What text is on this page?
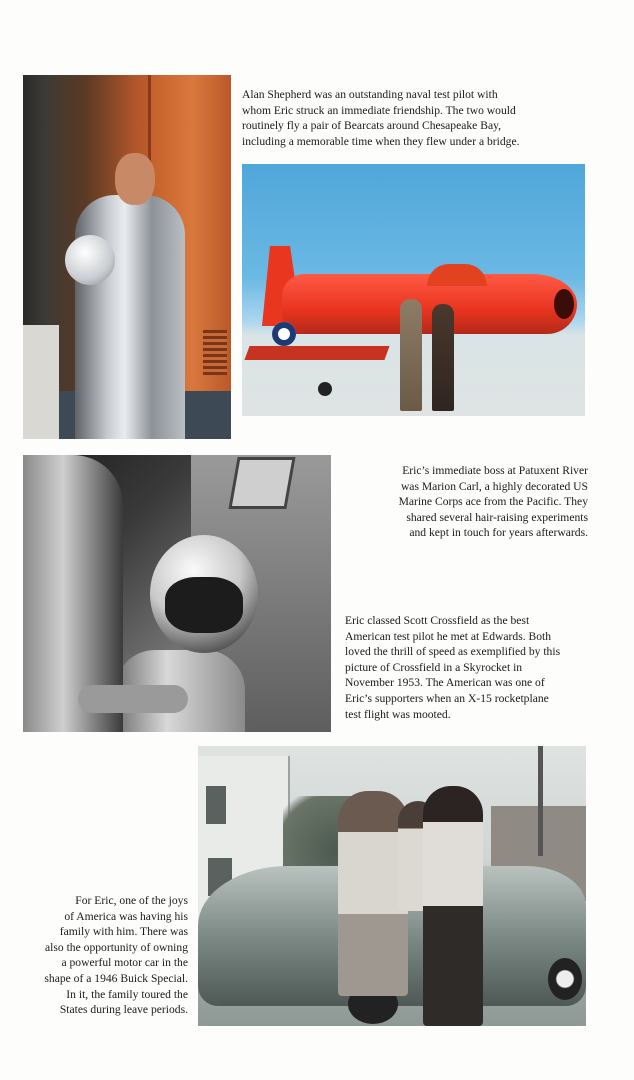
Alan Shepherd was an outstanding naval test pilot with

whom Eric struck an immediate friendship. The two would

routinely fly a pair of Bearcats around Chesapeake Bay,

including a memorable time when they flew under a bridge.

Eric’s immediate boss at Patuxent River

was Marion Carl, a highly decorated US

Marine Corps ace from the Pacific. They

shared several hair-raising experiments

and kept in touch for years afterwards.

Eric classed Scott Crossfield as the best

American test pilot he met at Edwards. Both

loved the thrill of speed as exemplified by this

picture of Crossfield in a Skyrocket in

November 1953. The American was one of

Eric’s supporters when an X-15 rocketplane

test flight was mooted.

For Eric, one of the joys

of America was having his

family with him. There was

also the opportunity of owning

a powerful motor car in the

shape of a 1946 Buick Special.

In it, the family toured the

States during leave periods.
